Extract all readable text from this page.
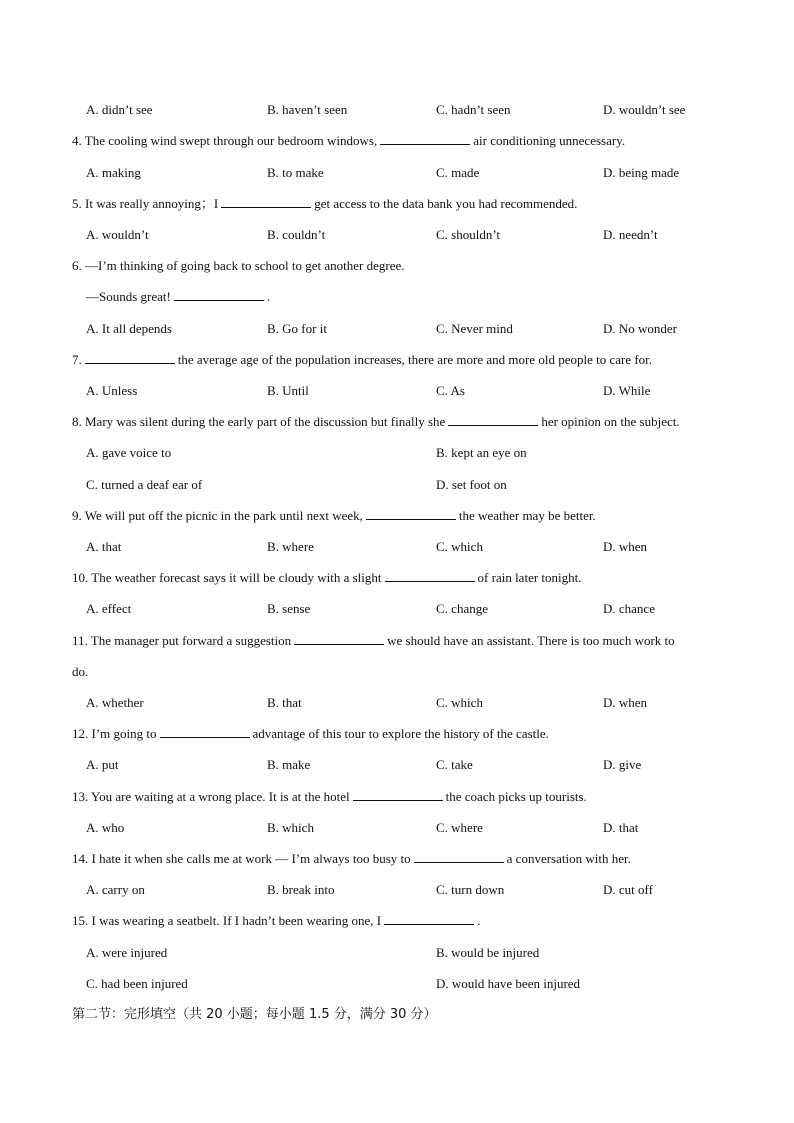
A. didn’t see	B. haven’t seen	C. hadn’t seen	D. wouldn’t see
4. The cooling wind swept through our bedroom windows,	air conditioning unnecessary.
A. making	B. to make	C. made	D. being made
5. It was really annoying；I	get access to the data bank you had recommended.
A. wouldn’t	B. couldn’t	C. shouldn’t	D. needn’t
6. —I’m thinking of going back to school to get another degree.
—Sounds great!	.
A. It all depends	B. Go for it	C. Never mind	D. No wonder
7.	the average age of the population increases, there are more and more old people to care for.
A. Unless	B. Until	C. As	D. While
8. Mary was silent during the early part of the discussion but finally she	her opinion on the subject.
A. gave voice to	B. kept an eye on
C. turned a deaf ear of	D. set foot on
9. We will put off the picnic in the park until next week,	the weather may be better.
A. that	B. where	C. which	D. when
10. The weather forecast says it will be cloudy with a slight	of rain later tonight.
A. effect	B. sense	C. change	D. chance
11. The manager put forward a suggestion	we should have an assistant. There is too much work to
do.
A. whether	B. that	C. which	D. when
12. I’m going to	advantage of this tour to explore the history of the castle.
A. put	B. make	C. take	D. give
13. You are waiting at a wrong place. It is at the hotel	the coach picks up tourists.
A. who	B. which	C. where	D. that
14. I hate it when she calls me at work — I’m always too busy to	a conversation with her.
A. carry on	B. break into	C. turn down	D. cut off
15. I was wearing a seatbelt. If I hadn’t been wearing one, I	.
A. were injured	B. would be injured
C. had been injured	D. would have been injured
第二节：完形填空（共 20 小题；每小题 1.5 分，满分 30 分）
